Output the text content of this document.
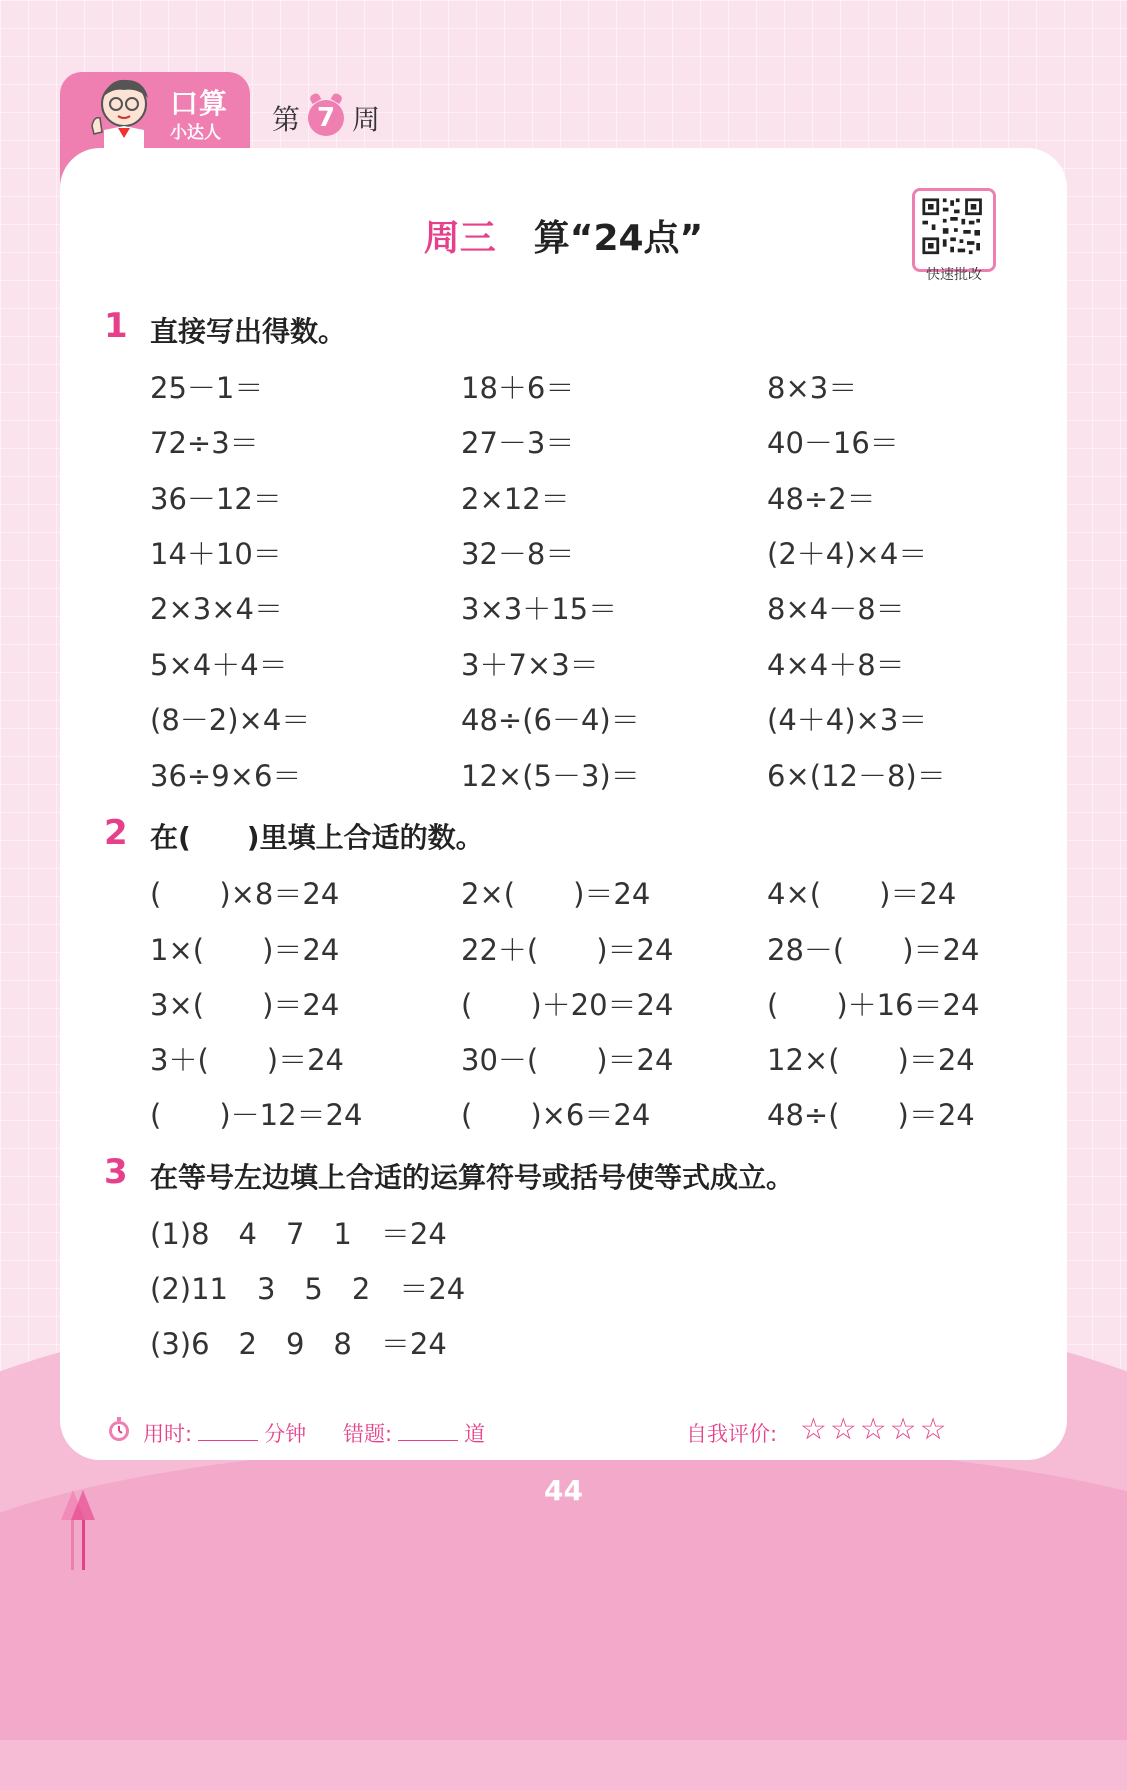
口算
小达人 第 7 周
周三 算“24点”
快速批改
1 直接写出得数。
25－1＝	18＋6＝	8×3＝
72÷3＝	27－3＝	40－16＝
36－12＝	2×12＝	48÷2＝
14＋10＝	32－8＝	(2＋4)×4＝
2×3×4＝	3×3＋15＝	8×4－8＝
5×4＋4＝	3＋7×3＝	4×4＋8＝
(8－2)×4＝	48÷(6－4)＝	(4＋4)×3＝
36÷9×6＝	12×(5－3)＝	6×(12－8)＝
2 在(　　)里填上合适的数。
(　　)×8＝24	2×(　　)＝24	4×(　　)＝24
1×(　　)＝24	22＋(　　)＝24	28－(　　)＝24
3×(　　)＝24	(　　)＋20＝24	(　　)＋16＝24
3＋(　　)＝24	30－(　　)＝24	12×(　　)＝24
(　　)－12＝24	(　　)×6＝24	48÷(　　)＝24
3 在等号左边填上合适的运算符号或括号使等式成立。
(1)8　4　7　1　＝24
(2)11　3　5　2　＝24
(3)6　2　9　8　＝24
用时:	分钟 错题:	道	自我评价: ☆☆☆☆☆
44
